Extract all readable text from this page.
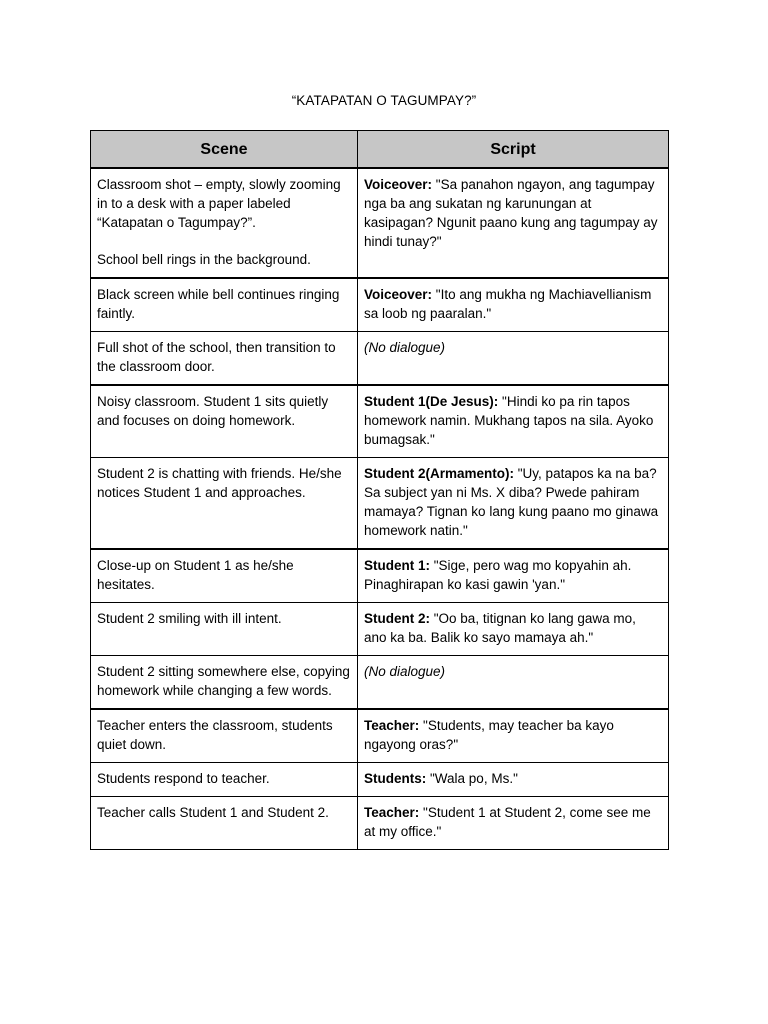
“KATAPATAN O TAGUMPAY?”
Scene	Script

Classroom shot – empty, slowly zooming in to a desk with a paper labeled “Katapatan o Tagumpay?”.
School bell rings in the background.	Voiceover: "Sa panahon ngayon, ang tagumpay nga ba ang sukatan ng karunungan at kasipagan? Ngunit paano kung ang tagumpay ay hindi tunay?"

Black screen while bell continues ringing faintly.	Voiceover: "Ito ang mukha ng Machiavellianism sa loob ng paaralan."

Full shot of the school, then transition to the classroom door.	(No dialogue)

Noisy classroom. Student 1 sits quietly and focuses on doing homework.	Student 1(De Jesus): "Hindi ko pa rin tapos homework namin. Mukhang tapos na sila. Ayoko bumagsak."

Student 2 is chatting with friends. He/she notices Student 1 and approaches.	Student 2(Armamento): "Uy, patapos ka na ba? Sa subject yan ni Ms. X diba? Pwede pahiram mamaya? Tignan ko lang kung paano mo ginawa homework natin."

Close-up on Student 1 as he/she hesitates.	Student 1: "Sige, pero wag mo kopyahin ah. Pinaghirapan ko kasi gawin 'yan."

Student 2 smiling with ill intent.	Student 2: "Oo ba, titignan ko lang gawa mo, ano ka ba. Balik ko sayo mamaya ah."

Student 2 sitting somewhere else, copying homework while changing a few words.	(No dialogue)

Teacher enters the classroom, students quiet down.	Teacher: "Students, may teacher ba kayo ngayong oras?"

Students respond to teacher.	Students: "Wala po, Ms."

Teacher calls Student 1 and Student 2.	Teacher: "Student 1 at Student 2, come see me at my office."
